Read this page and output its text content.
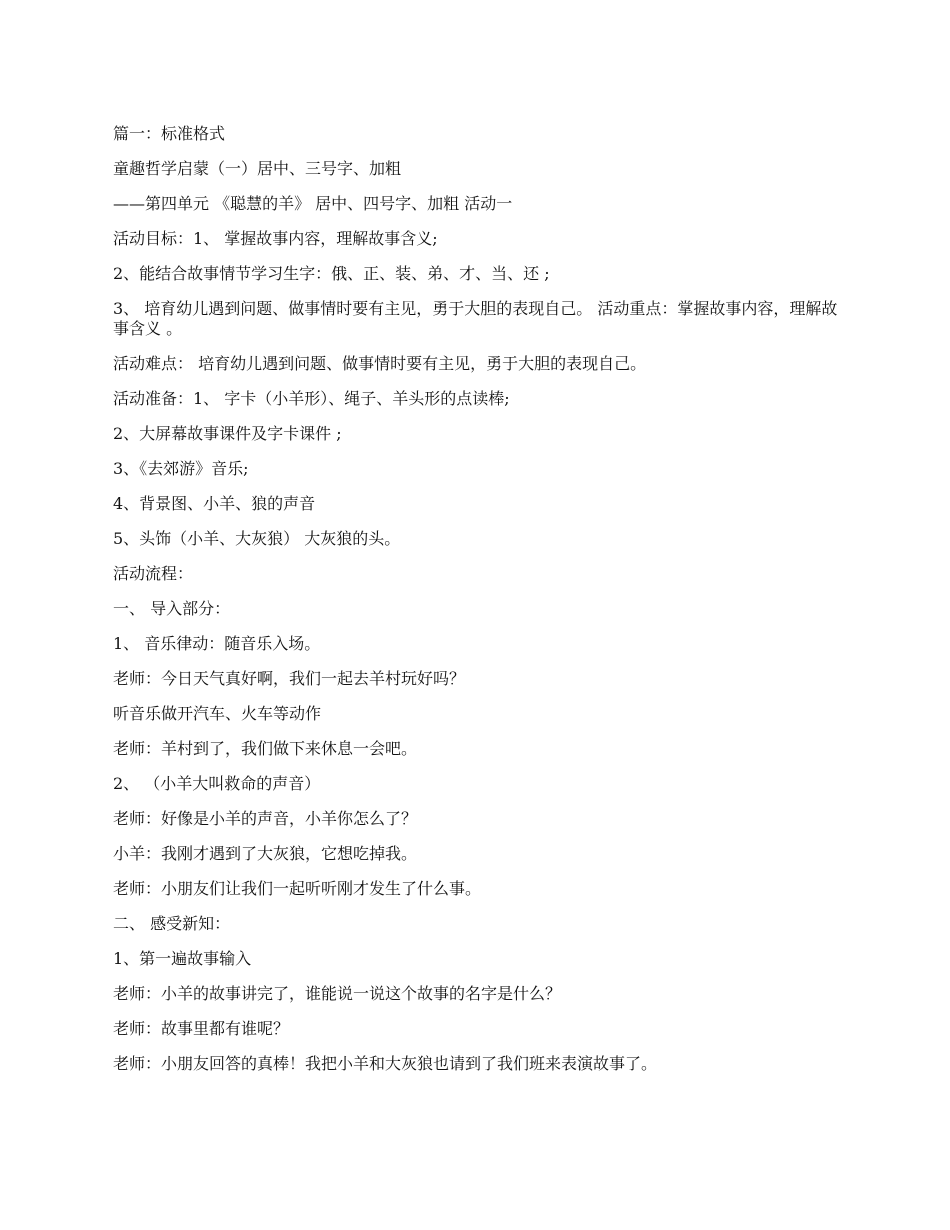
篇一：标准格式

童趣哲学启蒙（一）居中、三号字、加粗

——第四单元 《聪慧的羊》 居中、四号字、加粗 活动一

活动目标：1、 掌握故事内容，理解故事含义;

2、能结合故事情节学习生字：俄、正、装、弟、才、当、还 ;

3、 培育幼儿遇到问题、做事情时要有主见，勇于大胆的表现自己。 活动重点：掌握故事内容，理解故事含义 。

活动难点： 培育幼儿遇到问题、做事情时要有主见，勇于大胆的表现自己。

活动准备：1、 字卡（小羊形）、绳子、羊头形的点读棒;

2、大屏幕故事课件及字卡课件 ;

3、《去郊游》音乐;

4、背景图、小羊、狼的声音

5、头饰（小羊、大灰狼） 大灰狼的头。

活动流程：

一、 导入部分：

1、 音乐律动：随音乐入场。

老师：今日天气真好啊，我们一起去羊村玩好吗？

听音乐做开汽车、火车等动作

老师：羊村到了，我们做下来休息一会吧。

2、 （小羊大叫救命的声音）

老师：好像是小羊的声音，小羊你怎么了？

小羊：我刚才遇到了大灰狼，它想吃掉我。

老师：小朋友们让我们一起听听刚才发生了什么事。

二、 感受新知：

1、第一遍故事输入

老师：小羊的故事讲完了，谁能说一说这个故事的名字是什么？

老师：故事里都有谁呢？

老师：小朋友回答的真棒！我把小羊和大灰狼也请到了我们班来表演故事了。
